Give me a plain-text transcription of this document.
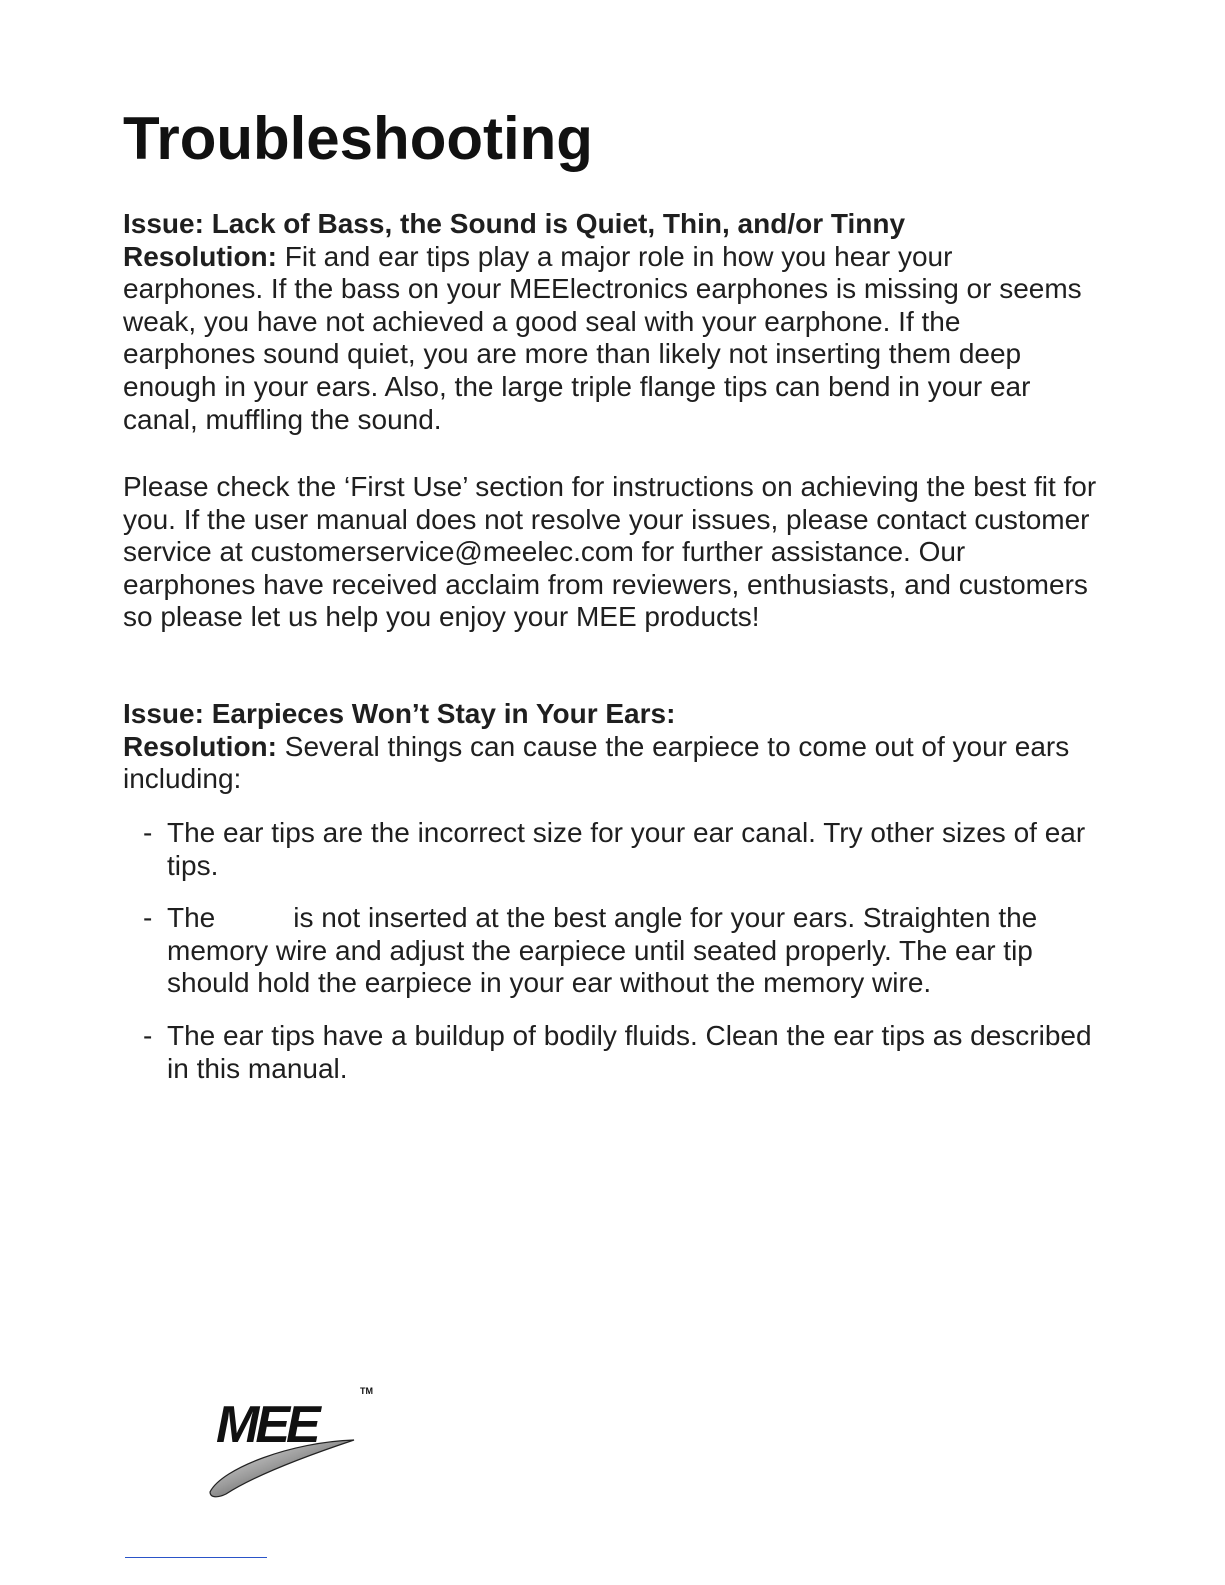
Troubleshooting
Issue: Lack of Bass, the Sound is Quiet, Thin, and/or Tinny
Resolution: Fit and ear tips play a major role in how you hear your earphones. If the bass on your MEElectronics earphones is missing or seems weak, you have not achieved a good seal with your earphone. If the earphones sound quiet, you are more than likely not inserting them deep enough in your ears. Also, the large triple flange tips can bend in your ear canal, muffling the sound.
Please check the ‘First Use’ section for instructions on achieving the best fit for you. If the user manual does not resolve your issues, please contact customer service at customerservice@meelec.com for further assistance. Our earphones have received acclaim from reviewers, enthusiasts, and customers so please let us help you enjoy your MEE products!
Issue: Earpieces Won’t Stay in Your Ears:
Resolution: Several things can cause the earpiece to come out of your ears including:
- The ear tips are the incorrect size for your ear canal. Try other sizes of ear tips.
- The	is not inserted at the best angle for your ears. Straighten the memory wire and adjust the earpiece until seated properly. The ear tip should hold the earpiece in your ear without the memory wire.
- The ear tips have a buildup of bodily fluids. Clean the ear tips as described in this manual.
MEE
TM
